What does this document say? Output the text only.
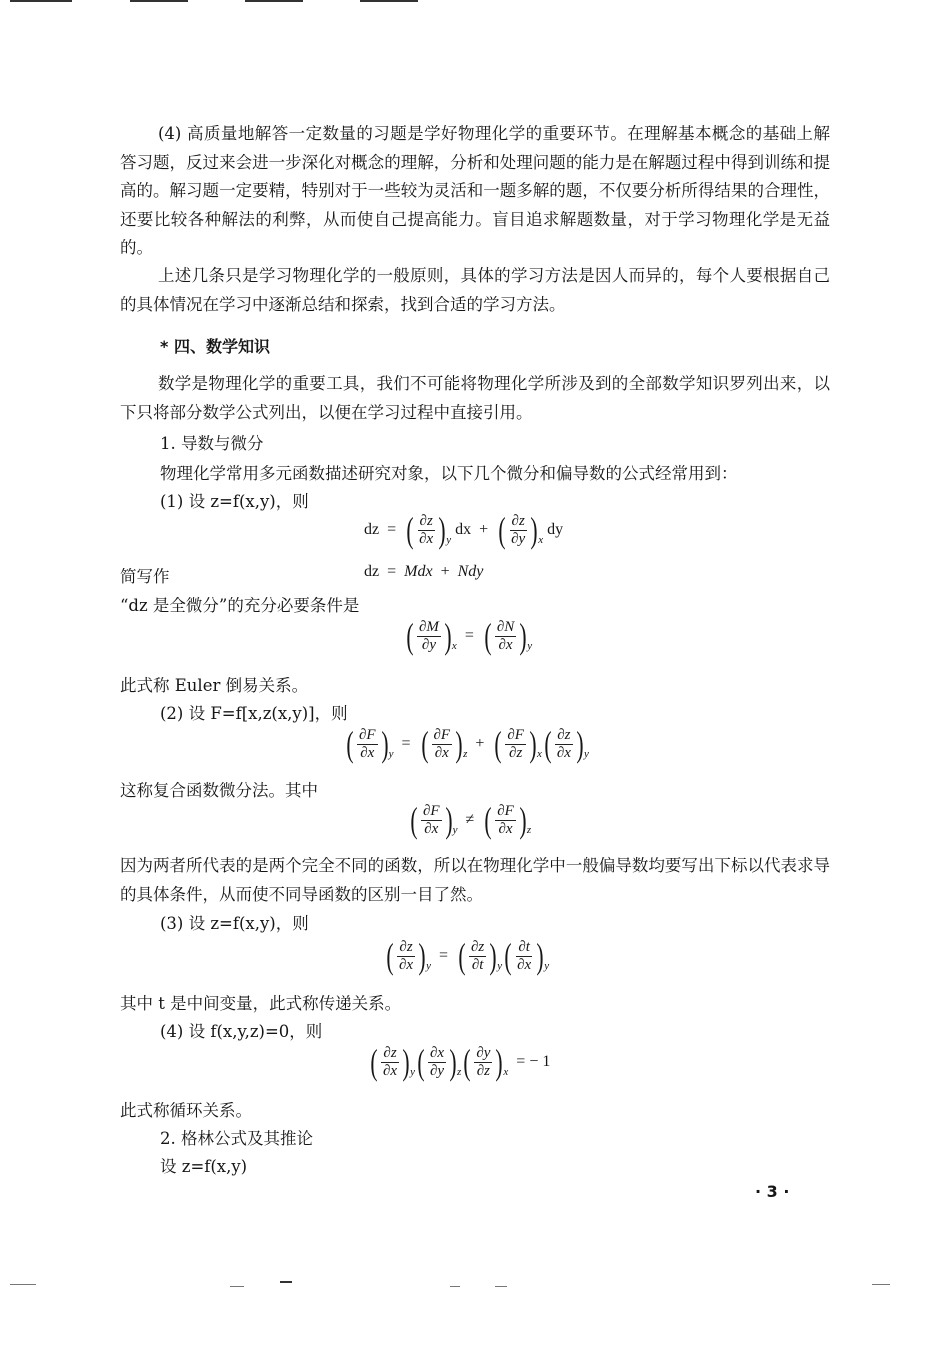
(4) 高质量地解答一定数量的习题是学好物理化学的重要环节。在理解基本概念的基础上解答习题，反过来会进一步深化对概念的理解，分析和处理问题的能力是在解题过程中得到训练和提高的。解习题一定要精，特别对于一些较为灵活和一题多解的题，不仅要分析所得结果的合理性，还要比较各种解法的利弊，从而使自己提高能力。盲目追求解题数量，对于学习物理化学是无益的。

上述几条只是学习物理化学的一般原则，具体的学习方法是因人而异的，每个人要根据自己的具体情况在学习中逐渐总结和探索，找到合适的学习方法。

* 四、数学知识

数学是物理化学的重要工具，我们不可能将物理化学所涉及到的全部数学知识罗列出来，以下只将部分数学公式列出，以便在学习过程中直接引用。

1. 导数与微分
物理化学常用多元函数描述研究对象，以下几个微分和偏导数的公式经常用到：
(1) 设 z=f(x,y)，则
dz = ( $\frac{\partial z}{\partial x}$ ) y
dx + ( $\frac{\partial z}{\partial y}$ ) x
dy
简写作	dz = Mdx + Ndy
“dz 是全微分”的充分必要条件是
( $\frac{\partial M}{\partial y}$ ) x
= ( $\frac{\partial N}{\partial x}$ ) y
此式称 Euler 倒易关系。
(2) 设 F=f[x,z(x,y)]，则
( $\frac{\partial F}{\partial x}$ ) y
= ( $\frac{\partial F}{\partial x}$ ) z
+ ( $\frac{\partial F}{\partial z}$ ) x ( $\frac{\partial z}{\partial x}$ ) y
这称复合函数微分法。其中
( $\frac{\partial F}{\partial x}$ ) y
≠ ( $\frac{\partial F}{\partial x}$ ) z

因为两者所代表的是两个完全不同的函数，所以在物理化学中一般偏导数均要写出下标以代表求导的具体条件，从而使不同导函数的区别一目了然。

(3) 设 z=f(x,y)，则
( $\frac{\partial z}{\partial x}$ ) y
= ( $\frac{\partial z}{\partial t}$ ) y ( $\frac{\partial t}{\partial x}$ ) y
其中 t 是中间变量，此式称传递关系。
(4) 设 f(x,y,z)=0，则
( $\frac{\partial z}{\partial x}$ ) y ( $\frac{\partial x}{\partial y}$ ) z ( $\frac{\partial y}{\partial z}$ ) x
= − 1
此式称循环关系。
2. 格林公式及其推论
设 z=f(x,y)
· 3 ·
